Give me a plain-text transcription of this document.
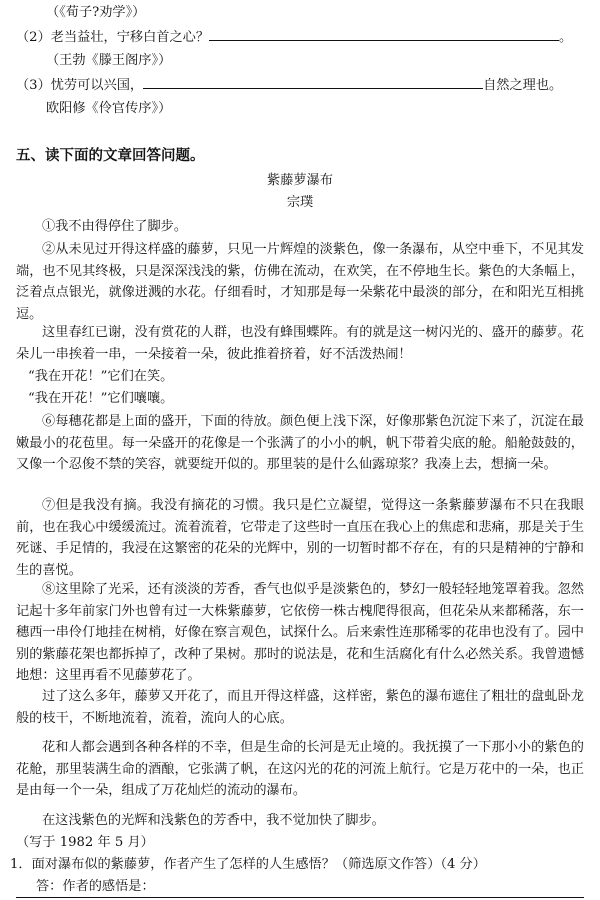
（《荀子?劝学》）
（2）老当益壮，宁移白首之心？	。
（王勃《滕王阁序》）
（3）忧劳可以兴国，	自然之理也。
欧阳修《伶官传序》）
五、读下面的文章回答问题。
紫藤萝瀑布
宗璞
①我不由得停住了脚步。
②从未见过开得这样盛的藤萝，只见一片辉煌的淡紫色，像一条瀑布，从空中垂下，不见其发端，也不见其终极，只是深深浅浅的紫，仿佛在流动，在欢笑，在不停地生长。紫色的大条幅上，泛着点点银光，就像迸溅的水花。仔细看时，才知那是每一朵紫花中最淡的部分，在和阳光互相挑逗。
这里春红已谢，没有赏花的人群，也没有蜂围蝶阵。有的就是这一树闪光的、盛开的藤萝。花朵儿一串挨着一串，一朵接着一朵，彼此推着挤着，好不活泼热闹！
“我在开花！”它们在笑。
“我在开花！”它们嚷嚷。
⑥每穗花都是上面的盛开，下面的待放。颜色便上浅下深，好像那紫色沉淀下来了，沉淀在最嫩最小的花苞里。每一朵盛开的花像是一个张满了的小小的帆，帆下带着尖底的舱。船舱鼓鼓的，又像一个忍俊不禁的笑容，就要绽开似的。那里装的是什么仙露琼浆？我凑上去，想摘一朵。
⑦但是我没有摘。我没有摘花的习惯。我只是伫立凝望，觉得这一条紫藤萝瀑布不只在我眼前，也在我心中缓缓流过。流着流着，它带走了这些时一直压在我心上的焦虑和悲痛，那是关于生死谜、手足情的，我浸在这繁密的花朵的光辉中，别的一切暂时都不存在，有的只是精神的宁静和生的喜悦。
⑧这里除了光采，还有淡淡的芳香，香气也似乎是淡紫色的，梦幻一般轻轻地笼罩着我。忽然记起十多年前家门外也曾有过一大株紫藤萝，它依傍一株古槐爬得很高，但花朵从来都稀落，东一穗西一串伶仃地挂在树梢，好像在察言观色，试探什么。后来索性连那稀零的花串也没有了。园中别的紫藤花架也都拆掉了，改种了果树。那时的说法是，花和生活腐化有什么必然关系。我曾遗憾地想：这里再看不见藤萝花了。
过了这么多年，藤萝又开花了，而且开得这样盛，这样密，紫色的瀑布遮住了粗壮的盘虬卧龙般的枝干，不断地流着，流着，流向人的心底。
花和人都会遇到各种各样的不幸，但是生命的长河是无止境的。我抚摸了一下那小小的紫色的花舱，那里装满生命的酒酿，它张满了帆，在这闪光的花的河流上航行。它是万花中的一朵，也正是由每一个一朵，组成了万花灿烂的流动的瀑布。
在这浅紫色的光辉和浅紫色的芳香中，我不觉加快了脚步。
（写于 1982 年 5 月）
1．面对瀑布似的紫藤萝，作者产生了怎样的人生感悟？（筛选原文作答）（4 分）
答：作者的感悟是：
